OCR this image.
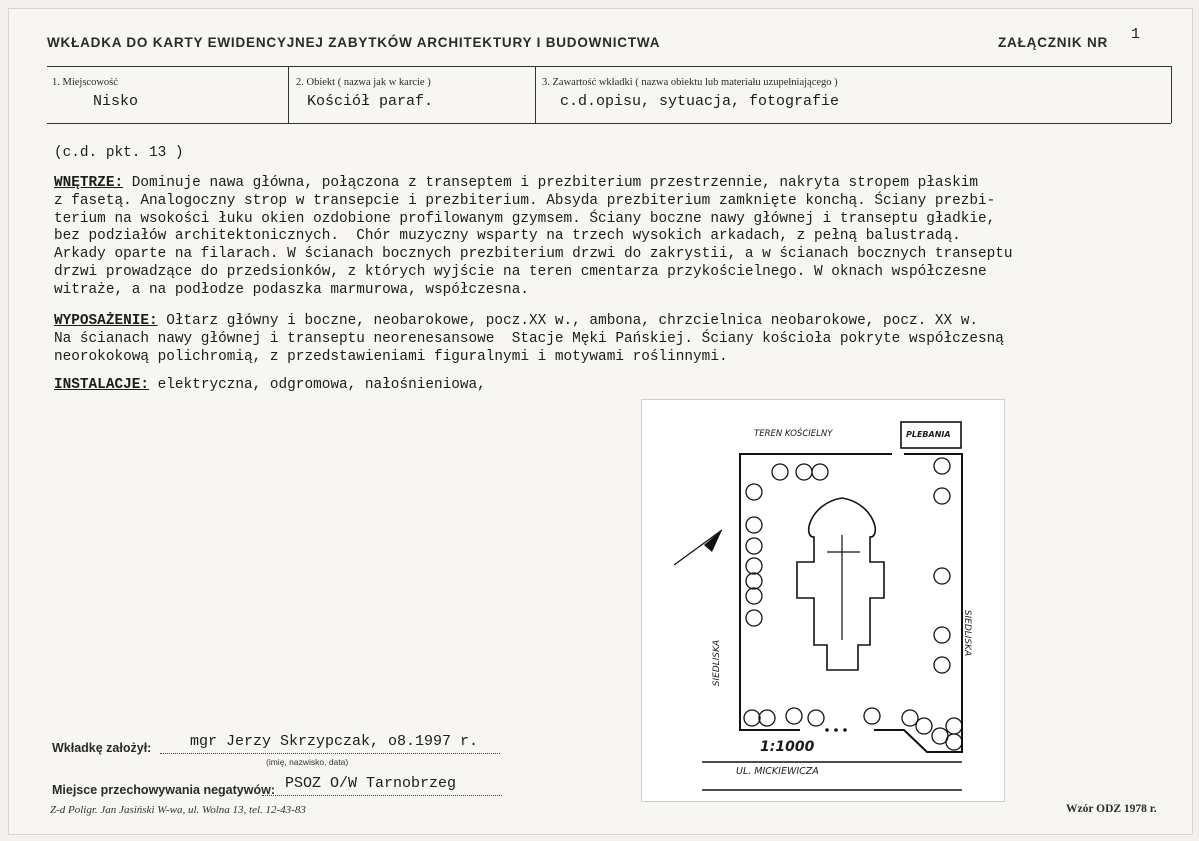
WKŁADKA DO KARTY EWIDENCYJNEJ ZABYTKÓW ARCHITEKTURY I BUDOWNICTWA	ZAŁĄCZNIK NR 1
1. Miejscowość
Nisko
2. Obiekt ( nazwa jak w karcie )
Kościół paraf.
3. Zawartość wkładki ( nazwa obiektu lub materiału uzupełniającego )
c.d.opisu, sytuacja, fotografie
(c.d. pkt. 13 )
WNĘTRZE: Dominuje nawa główna, połączona z transeptem i prezbiterium przestrzennie, nakryta stropem płaskim
z fasetą. Analogoczny strop w transepcie i prezbiterium. Absyda prezbiterium zamknięte konchą. Ściany prezbi-
terium na wsokości łuku okien ozdobione profilowanym gzymsem. Ściany boczne nawy głównej i transeptu gładkie,
bez podziałów architektonicznych.  Chór muzyczny wsparty na trzech wysokich arkadach, z pełną balustradą.
Arkady oparte na filarach. W ścianach bocznych prezbiterium drzwi do zakrystii, a w ścianach bocznych transeptu
drzwi prowadzące do przedsionków, z których wyjście na teren cmentarza przykościelnego. W oknach współczesne
witraże, a na podłodze podaszka marmurowa, współczesna.
WYPOSAŻENIE: Ołtarz główny i boczne, neobarokowe, pocz.XX w., ambona, chrzcielnica neobarokowe, pocz. XX w.
Na ścianach nawy głównej i transeptu neorenesansowe  Stacje Męki Pańskiej. Ściany kościoła pokryte współczesną
neorokokową polichromią, z przedstawieniami figuralnymi i motywami roślinnymi.
INSTALACJE: elektryczna, odgromowa, nałośnieniowa,
TEREN KOŚCIELNY	PLEBANIA
SIEDLISKA
SIEDLISKA
1:1000
UL. MICKIEWICZA
Wkładkę założył:	mgr Jerzy Skrzypczak, o8.1997 r.
(imię, nazwisko, data)
Miejsce przechowywania negatywów: PSOZ O/W Tarnobrzeg
Z-d Poligr. Jan Jasiński W-wa, ul. Wolna 13, tel. 12-43-83	Wzór ODZ 1978 r.
